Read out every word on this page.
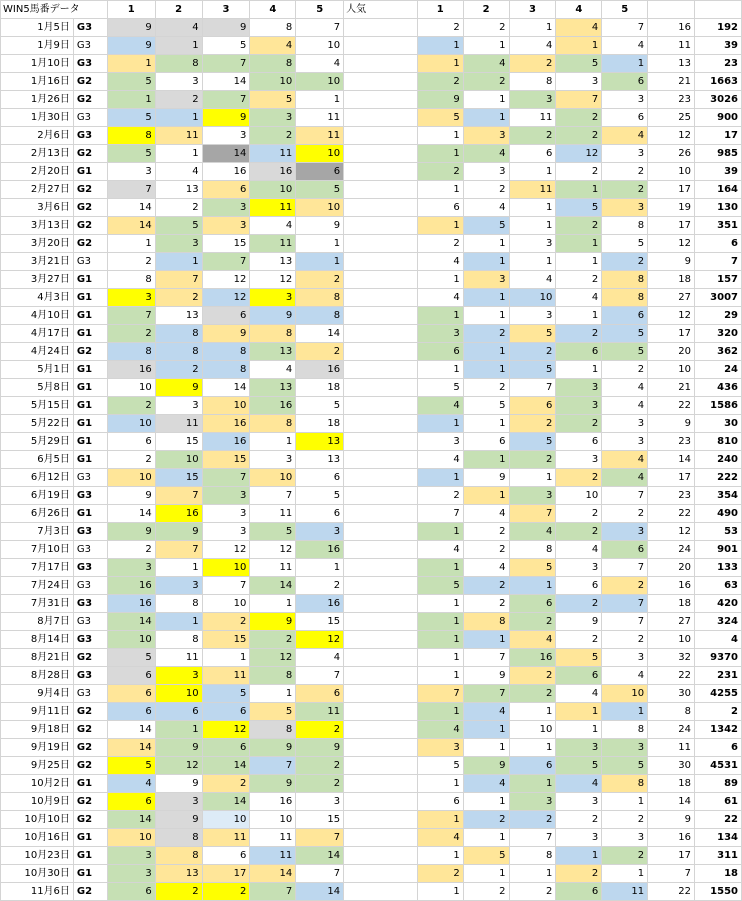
WIN5馬番データ		1	2	3	4	5	人気	1	2	3	4	5		
1月5日	G3	9	4	9	8	7		2	2	1	4	7	16	192
1月9日	G3	9	1	5	4	10		1	1	4	1	4	11	39
1月10日	G3	1	8	7	8	4		1	4	2	5	1	13	23
1月16日	G2	5	3	14	10	10		2	2	8	3	6	21	1663
1月26日	G2	1	2	7	5	1		9	1	3	7	3	23	3026
1月30日	G3	5	1	9	3	11		5	1	11	2	6	25	900
2月6日	G3	8	11	3	2	11		1	3	2	2	4	12	17
2月13日	G2	5	1	14	11	10		1	4	6	12	3	26	985
2月20日	G1	3	4	16	16	6		2	3	1	2	2	10	39
2月27日	G2	7	13	6	10	5		1	2	11	1	2	17	164
3月6日	G2	14	2	3	11	10		6	4	1	5	3	19	130
3月13日	G2	14	5	3	4	9		1	5	1	2	8	17	351
3月20日	G2	1	3	15	11	1		2	1	3	1	5	12	6
3月21日	G3	2	1	7	13	1		4	1	1	1	2	9	7
3月27日	G1	8	7	12	12	2		1	3	4	2	8	18	157
4月3日	G1	3	2	12	3	8		4	1	10	4	8	27	3007
4月10日	G1	7	13	6	9	8		1	1	3	1	6	12	29
4月17日	G1	2	8	9	8	14		3	2	5	2	5	17	320
4月24日	G2	8	8	8	13	2		6	1	2	6	5	20	362
5月1日	G1	16	2	8	4	16		1	1	5	1	2	10	24
5月8日	G1	10	9	14	13	18		5	2	7	3	4	21	436
5月15日	G1	2	3	10	16	5		4	5	6	3	4	22	1586
5月22日	G1	10	11	16	8	18		1	1	2	2	3	9	30
5月29日	G1	6	15	16	1	13		3	6	5	6	3	23	810
6月5日	G1	2	10	15	3	13		4	1	2	3	4	14	240
6月12日	G3	10	15	7	10	6		1	9	1	2	4	17	222
6月19日	G3	9	7	3	7	5		2	1	3	10	7	23	354
6月26日	G1	14	16	3	11	6		7	4	7	2	2	22	490
7月3日	G3	9	9	3	5	3		1	2	4	2	3	12	53
7月10日	G3	2	7	12	12	16		4	2	8	4	6	24	901
7月17日	G3	3	1	10	11	1		1	4	5	3	7	20	133
7月24日	G3	16	3	7	14	2		5	2	1	6	2	16	63
7月31日	G3	16	8	10	1	16		1	2	6	2	7	18	420
8月7日	G3	14	1	2	9	15		1	8	2	9	7	27	324
8月14日	G3	10	8	15	2	12		1	1	4	2	2	10	4
8月21日	G2	5	11	1	12	4		1	7	16	5	3	32	9370
8月28日	G3	6	3	11	8	7		1	9	2	6	4	22	231
9月4日	G3	6	10	5	1	6		7	7	2	4	10	30	4255
9月11日	G2	6	6	6	5	11		1	4	1	1	1	8	2
9月18日	G2	14	1	12	8	2		4	1	10	1	8	24	1342
9月19日	G2	14	9	6	9	9		3	1	1	3	3	11	6
9月25日	G2	5	12	14	7	2		5	9	6	5	5	30	4531
10月2日	G1	4	9	2	9	2		1	4	1	4	8	18	89
10月9日	G2	6	3	14	16	3		6	1	3	3	1	14	61
10月10日	G2	14	9	10	10	15		1	2	2	2	2	9	22
10月16日	G1	10	8	11	11	7		4	1	7	3	3	16	134
10月23日	G1	3	8	6	11	14		1	5	8	1	2	17	311
10月30日	G1	3	13	17	14	7		2	1	1	2	1	7	18
11月6日	G2	6	2	2	7	14		1	2	2	6	11	22	1550
